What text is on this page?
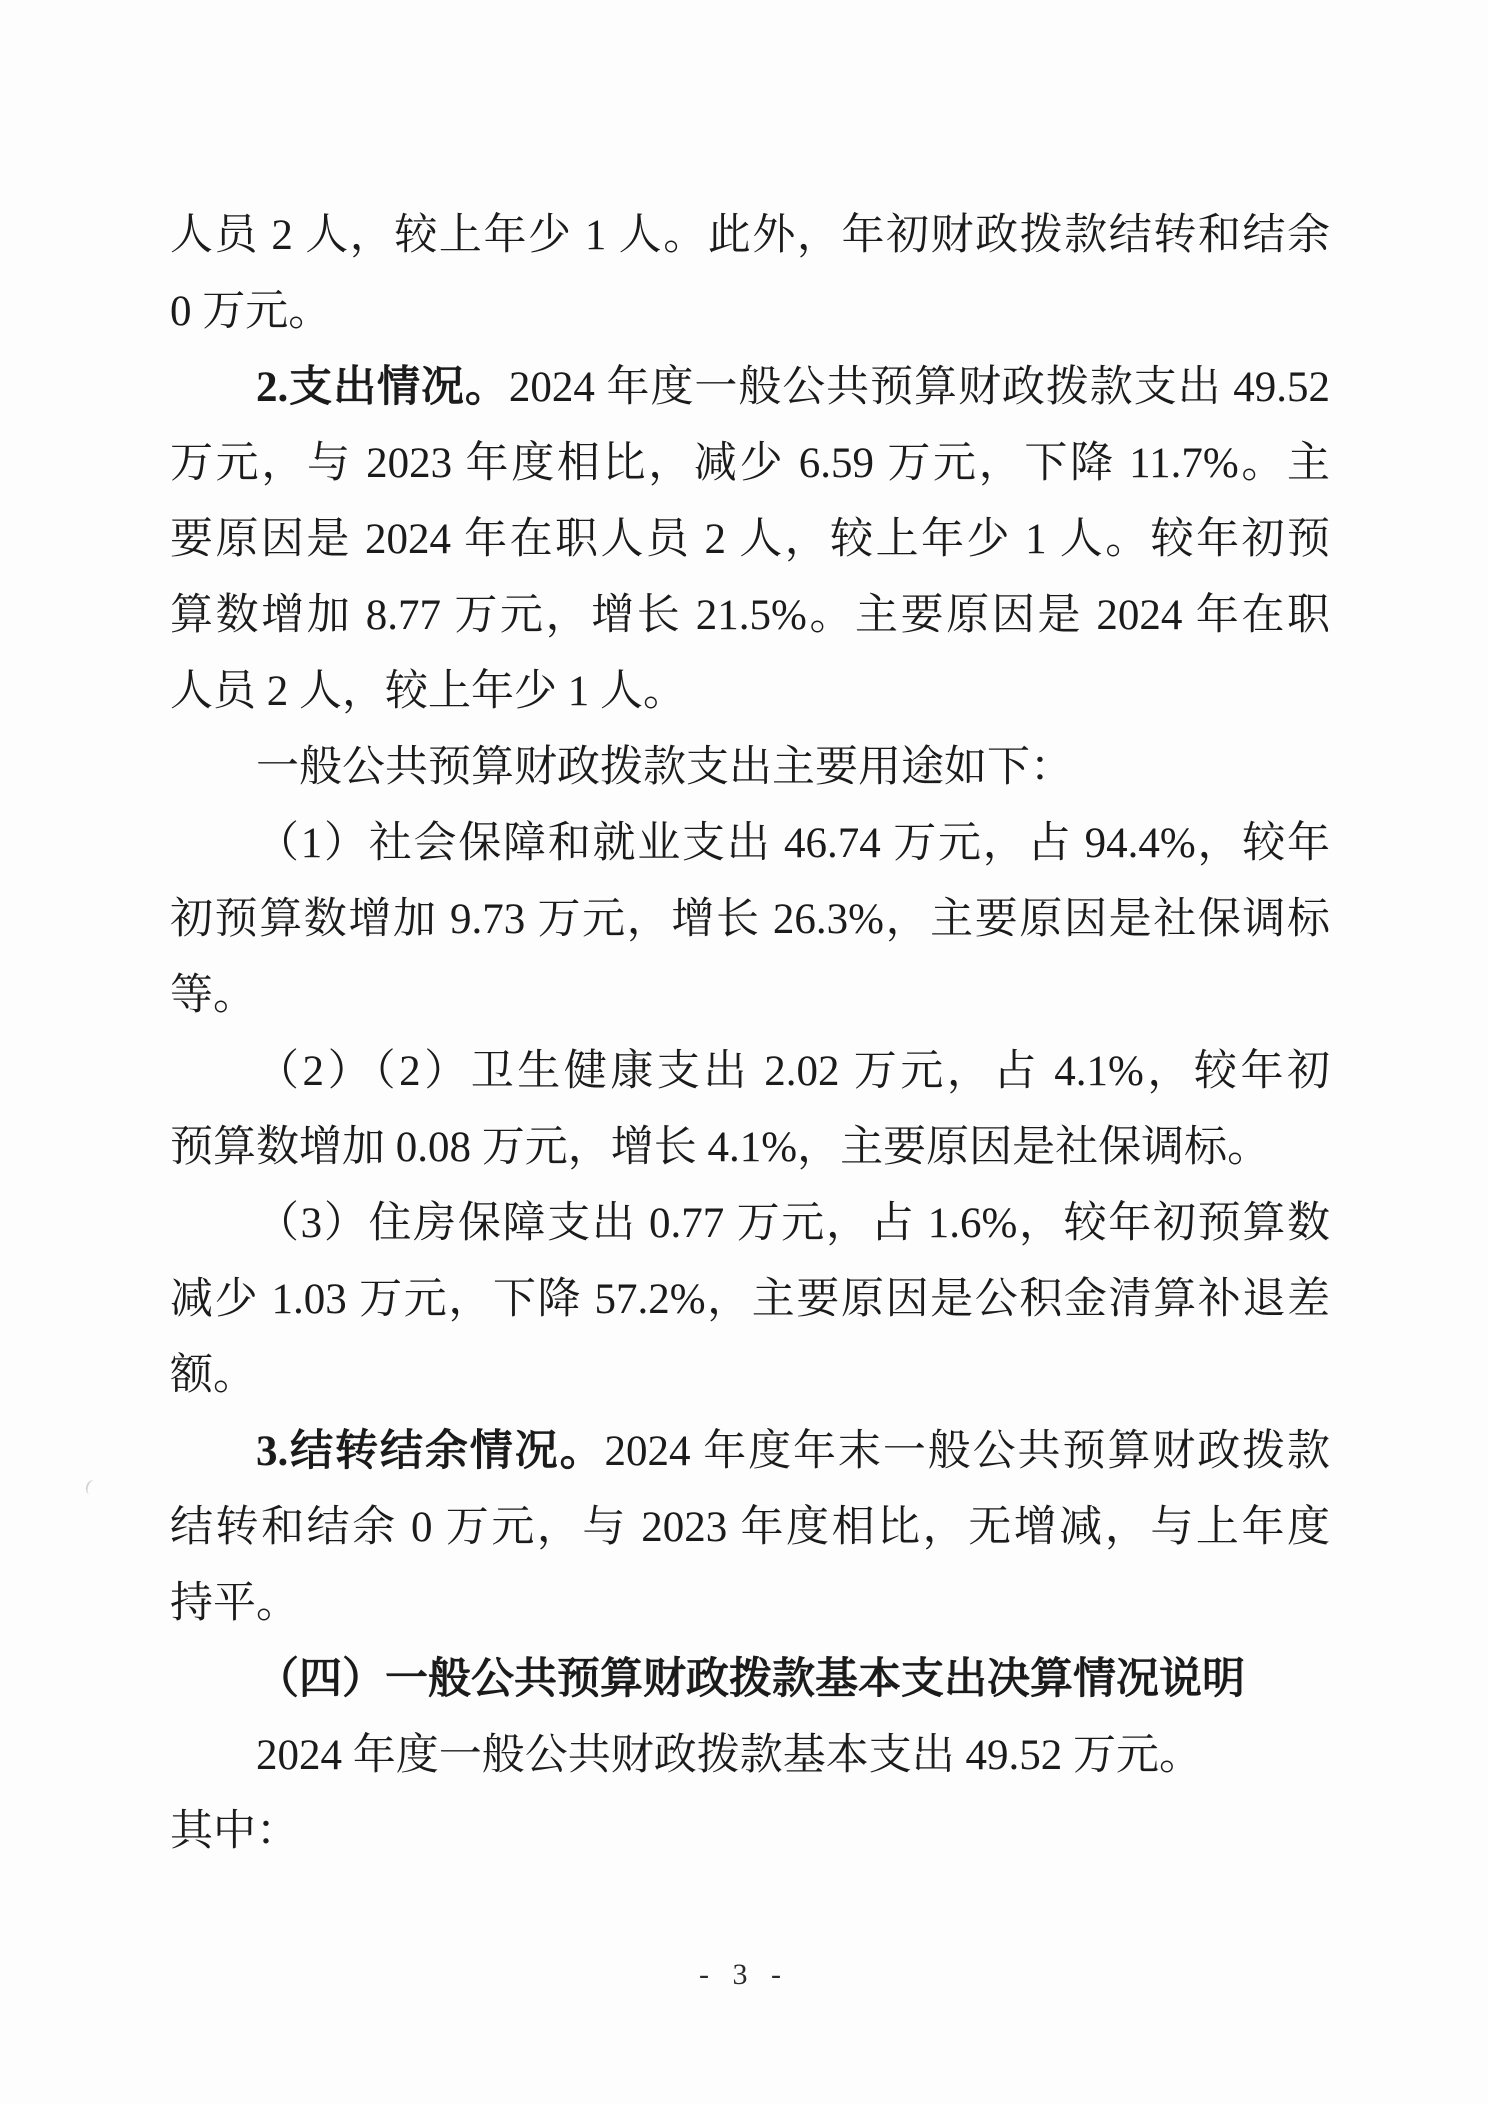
人员 2 人，较上年少 1 人。此外，年初财政拨款结转和结余
0 万元。
2.支出情况。2024 年度一般公共预算财政拨款支出 49.52
万元，与 2023 年度相比，减少 6.59 万元，下降 11.7%。主
要原因是 2024 年在职人员 2 人，较上年少 1 人。较年初预
算数增加 8.77 万元，增长 21.5%。主要原因是 2024 年在职
人员 2 人，较上年少 1 人。
一般公共预算财政拨款支出主要用途如下：
（1）社会保障和就业支出 46.74 万元，占 94.4%，较年
初预算数增加 9.73 万元，增长 26.3%，主要原因是社保调标
等。
（2）（2）卫生健康支出 2.02 万元，占 4.1%，较年初
预算数增加 0.08 万元，增长 4.1%，主要原因是社保调标。
（3）住房保障支出 0.77 万元，占 1.6%，较年初预算数
减少 1.03 万元，下降 57.2%，主要原因是公积金清算补退差
额。
3.结转结余情况。2024 年度年末一般公共预算财政拨款
结转和结余 0 万元，与 2023 年度相比，无增减，与上年度
持平。
（四）一般公共预算财政拨款基本支出决算情况说明
2024 年度一般公共财政拨款基本支出 49.52 万元。
其中：
- 3 -
